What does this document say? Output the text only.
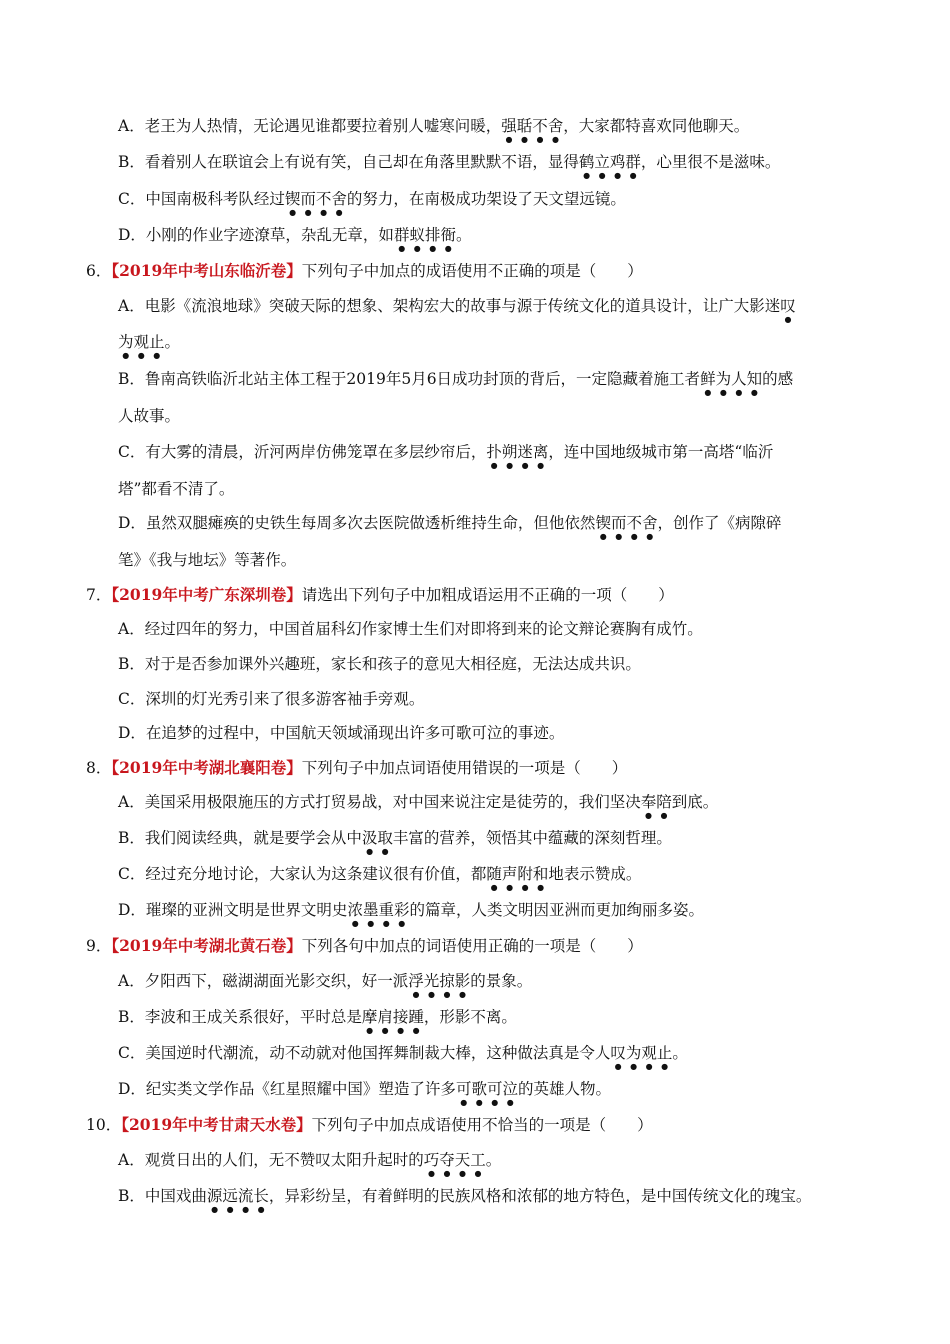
A．老王为人热情，无论遇见谁都要拉着别人嘘寒问暖，强聒不舍，大家都特喜欢同他聊天。
B．看着别人在联谊会上有说有笑，自己却在角落里默默不语，显得鹤立鸡群，心里很不是滋味。
C．中国南极科考队经过锲而不舍的努力，在南极成功架设了天文望远镜。
D．小刚的作业字迹潦草，杂乱无章，如群蚁排衙。
6．【2019年中考山东临沂卷】下列句子中加点的成语使用不正确的项是（　　）
A．电影《流浪地球》突破天际的想象、架构宏大的故事与源于传统文化的道具设计，让广大影迷叹
为观止。
B．鲁南高铁临沂北站主体工程于2019年5月6日成功封顶的背后，一定隐藏着施工者鲜为人知的感
人故事。
C．有大雾的清晨，沂河两岸仿佛笼罩在多层纱帘后，扑朔迷离，连中国地级城市第一高塔“临沂
塔”都看不清了。
D．虽然双腿瘫痪的史铁生每周多次去医院做透析维持生命，但他依然锲而不舍，创作了《病隙碎
笔》《我与地坛》等著作。
7．【2019年中考广东深圳卷】请选出下列句子中加粗成语运用不正确的一项（　　）
A．经过四年的努力，中国首届科幻作家博士生们对即将到来的论文辩论赛胸有成竹。
B．对于是否参加课外兴趣班，家长和孩子的意见大相径庭，无法达成共识。
C．深圳的灯光秀引来了很多游客袖手旁观。
D．在追梦的过程中，中国航天领域涌现出许多可歌可泣的事迹。
8．【2019年中考湖北襄阳卷】下列句子中加点词语使用错误的一项是（　　）
A．美国采用极限施压的方式打贸易战，对中国来说注定是徒劳的，我们坚决奉陪到底。
B．我们阅读经典，就是要学会从中汲取丰富的营养，领悟其中蕴藏的深刻哲理。
C．经过充分地讨论，大家认为这条建议很有价值，都随声附和地表示赞成。
D．璀璨的亚洲文明是世界文明史浓墨重彩的篇章，人类文明因亚洲而更加绚丽多姿。
9．【2019年中考湖北黄石卷】下列各句中加点的词语使用正确的一项是（　　）
A．夕阳西下，磁湖湖面光影交织，好一派浮光掠影的景象。
B．李波和王成关系很好，平时总是摩肩接踵，形影不离。
C．美国逆时代潮流，动不动就对他国挥舞制裁大棒，这种做法真是令人叹为观止。
D．纪实类文学作品《红星照耀中国》塑造了许多可歌可泣的英雄人物。
10．【2019年中考甘肃天水卷】下列句子中加点成语使用不恰当的一项是（　　）
A．观赏日出的人们，无不赞叹太阳升起时的巧夺天工。
B．中国戏曲源远流长，异彩纷呈，有着鲜明的民族风格和浓郁的地方特色，是中国传统文化的瑰宝。
